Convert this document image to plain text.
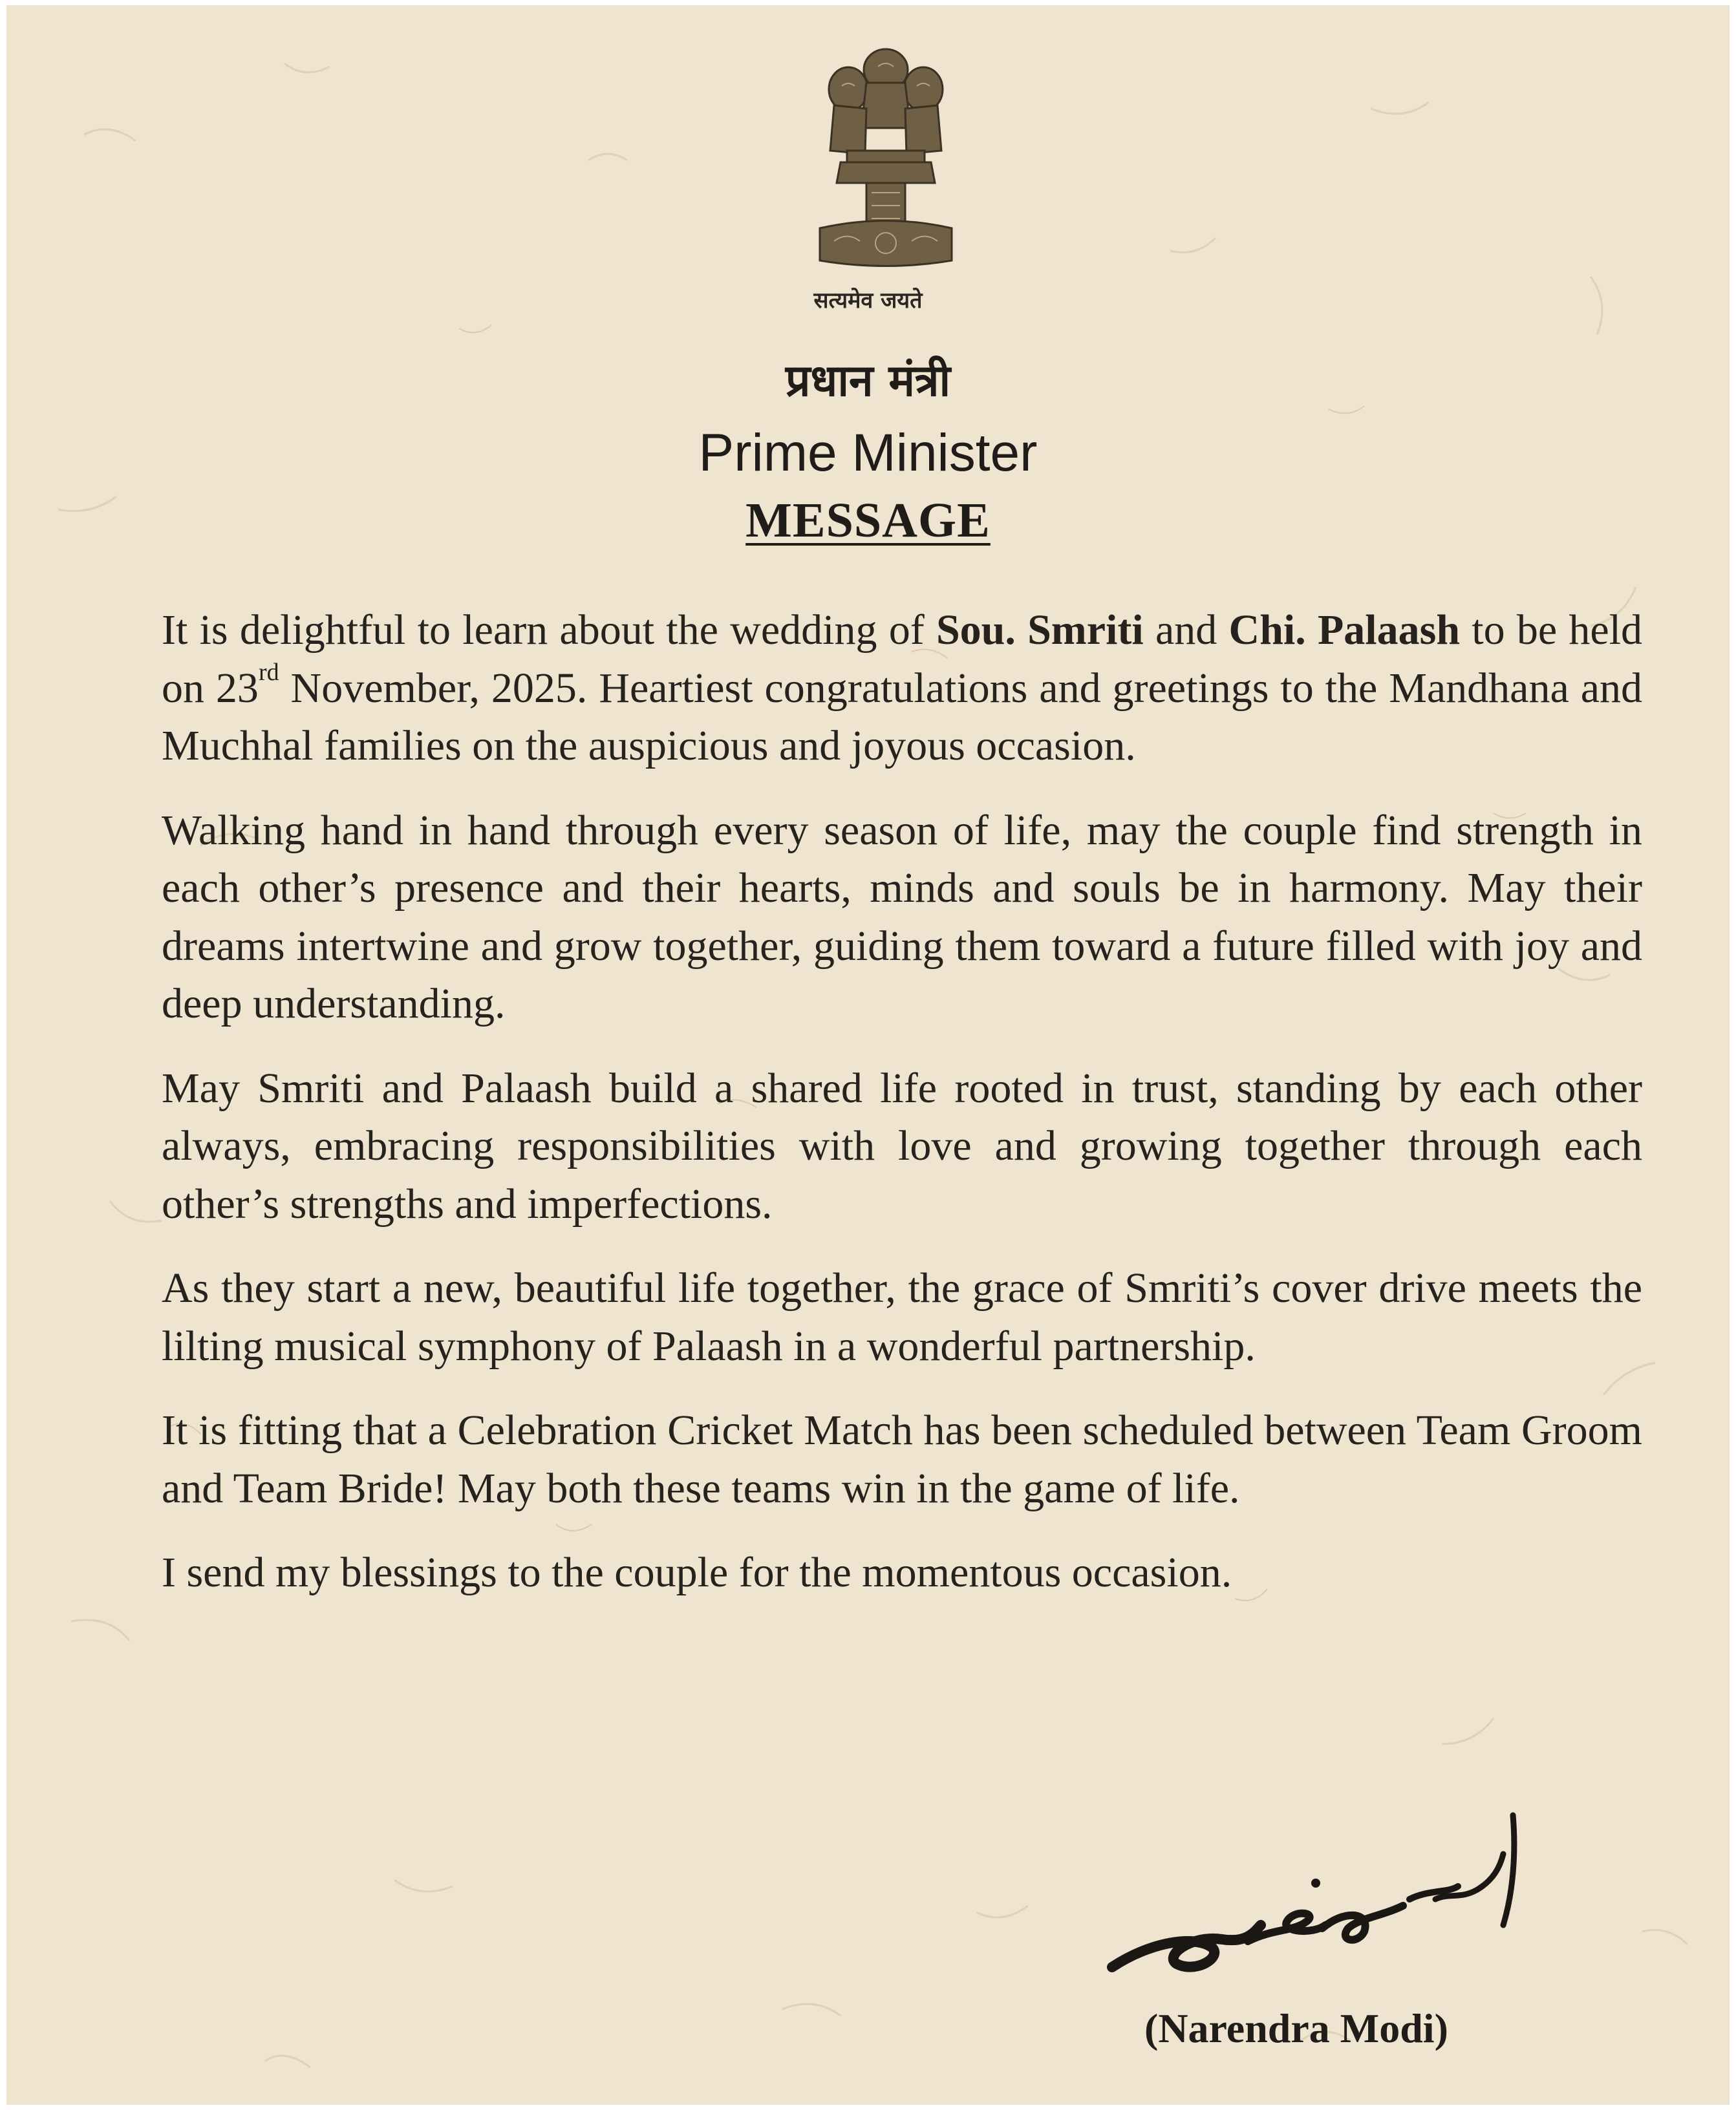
सत्यमेव जयते
प्रधान मंत्री
Prime Minister
MESSAGE

It is delightful to learn about the wedding of Sou. Smriti and Chi. Palaash to be held on 23rd November, 2025. Heartiest congratulations and greetings to the Mandhana and Muchhal families on the auspicious and joyous occasion.

Walking hand in hand through every season of life, may the couple find strength in each other’s presence and their hearts, minds and souls be in harmony. May their dreams intertwine and grow together, guiding them toward a future filled with joy and deep understanding.

May Smriti and Palaash build a shared life rooted in trust, standing by each other always, embracing responsibilities with love and growing together through each other’s strengths and imperfections.

As they start a new, beautiful life together, the grace of Smriti’s cover drive meets the lilting musical symphony of Palaash in a wonderful partnership.

It is fitting that a Celebration Cricket Match has been scheduled between Team Groom and Team Bride! May both these teams win in the game of life.

I send my blessings to the couple for the momentous occasion.

(Narendra Modi)
